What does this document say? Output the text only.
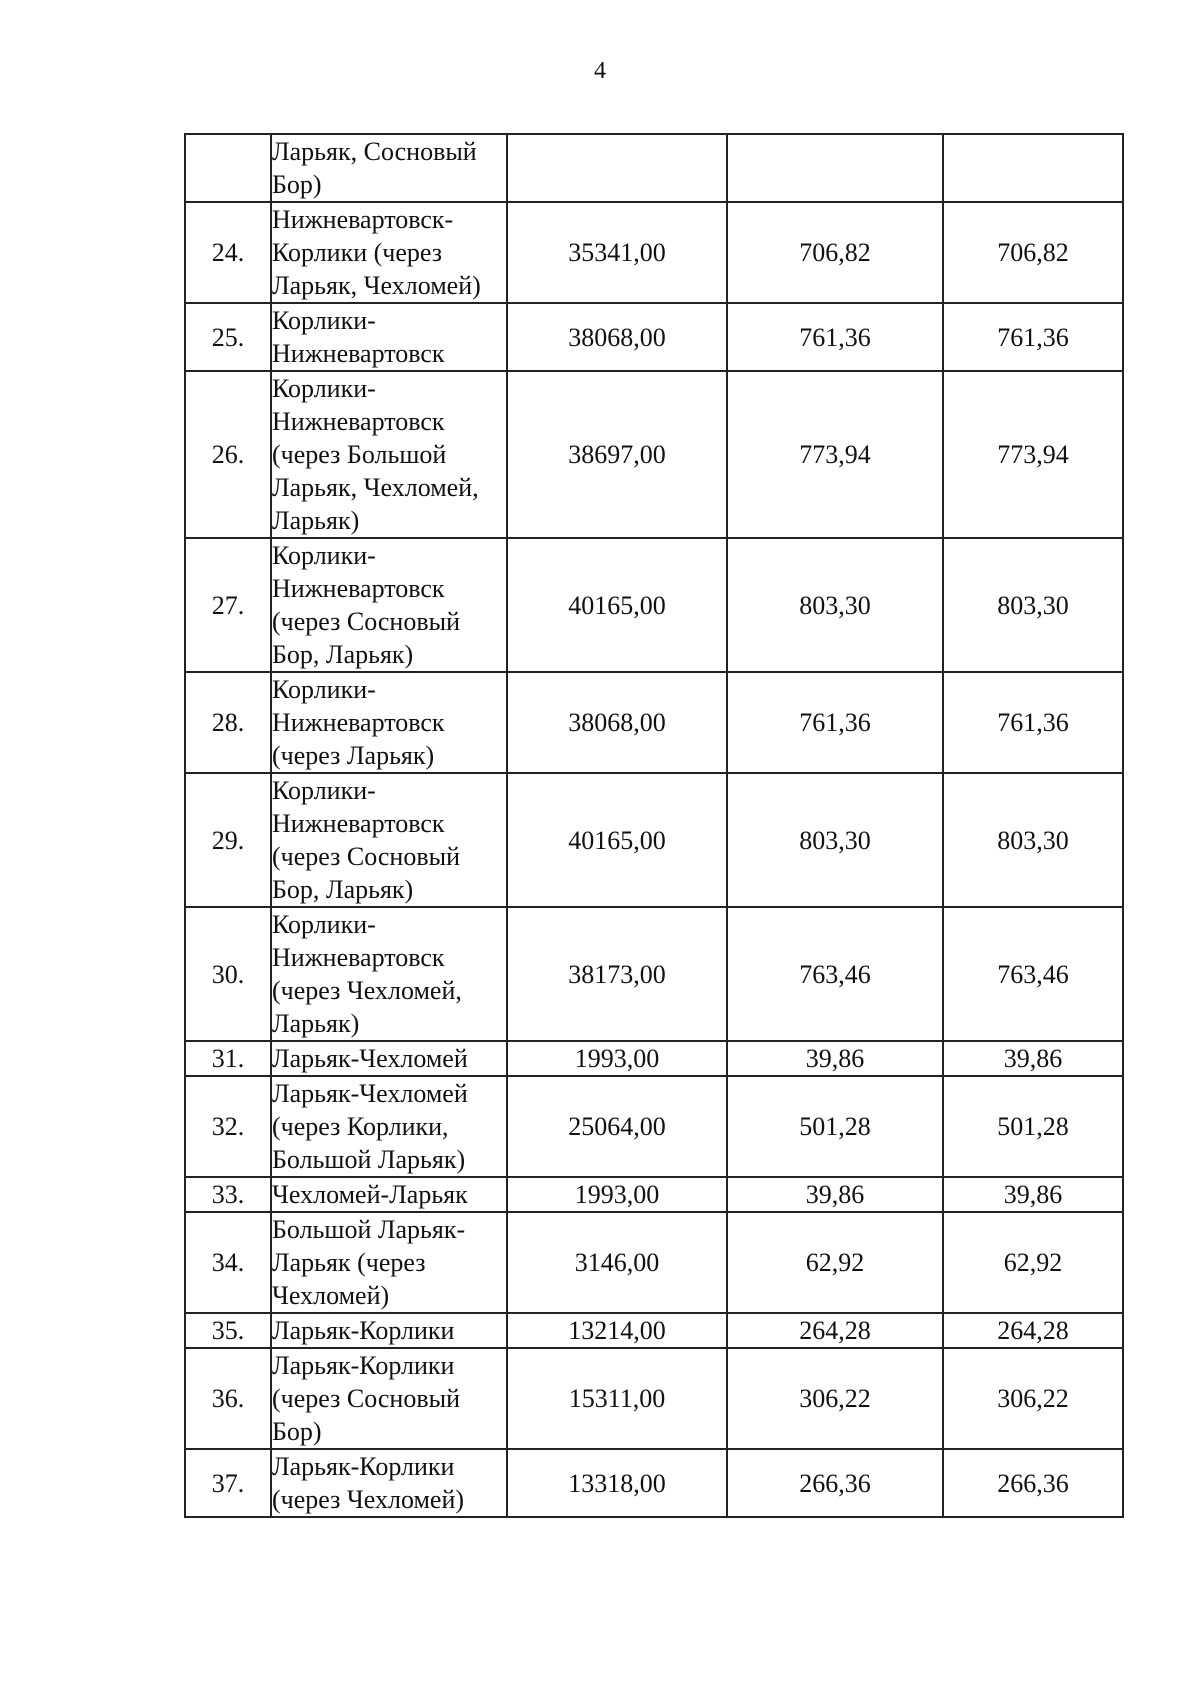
4
	Ларьяк, Сосновый
Бор)			
24.	Нижневартовск-
Корлики (через
Ларьяк, Чехломей)	35341,00	706,82	706,82
25.	Корлики-
Нижневартовск	38068,00	761,36	761,36
26.	Корлики-
Нижневартовск
(через Большой
Ларьяк, Чехломей,
Ларьяк)	38697,00	773,94	773,94
27.	Корлики-
Нижневартовск
(через Сосновый
Бор, Ларьяк)	40165,00	803,30	803,30
28.	Корлики-
Нижневартовск
(через Ларьяк)	38068,00	761,36	761,36
29.	Корлики-
Нижневартовск
(через Сосновый
Бор, Ларьяк)	40165,00	803,30	803,30
30.	Корлики-
Нижневартовск
(через Чехломей,
Ларьяк)	38173,00	763,46	763,46
31.	Ларьяк-Чехломей	1993,00	39,86	39,86
32.	Ларьяк-Чехломей
(через Корлики,
Большой Ларьяк)	25064,00	501,28	501,28
33.	Чехломей-Ларьяк	1993,00	39,86	39,86
34.	Большой Ларьяк-
Ларьяк (через
Чехломей)	3146,00	62,92	62,92
35.	Ларьяк-Корлики	13214,00	264,28	264,28
36.	Ларьяк-Корлики
(через Сосновый
Бор)	15311,00	306,22	306,22
37.	Ларьяк-Корлики
(через Чехломей)	13318,00	266,36	266,36
